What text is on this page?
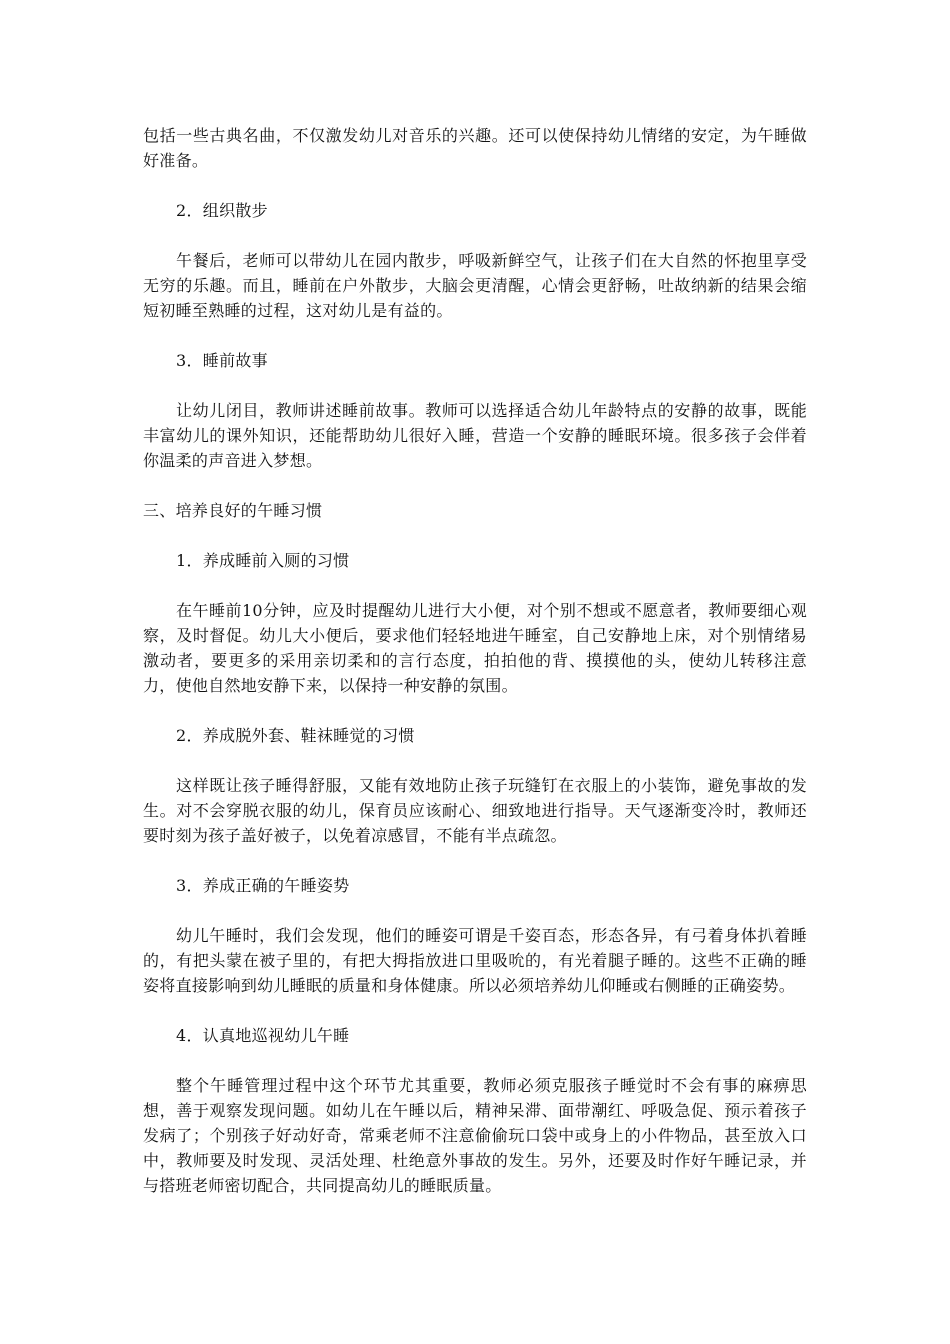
包括一些古典名曲，不仅激发幼儿对音乐的兴趣。还可以使保持幼儿情绪的安定，为午睡做好准备。

2．组织散步

午餐后，老师可以带幼儿在园内散步，呼吸新鲜空气，让孩子们在大自然的怀抱里享受无穷的乐趣。而且，睡前在户外散步，大脑会更清醒，心情会更舒畅，吐故纳新的结果会缩短初睡至熟睡的过程，这对幼儿是有益的。

3．睡前故事

让幼儿闭目，教师讲述睡前故事。教师可以选择适合幼儿年龄特点的安静的故事，既能丰富幼儿的课外知识，还能帮助幼儿很好入睡，营造一个安静的睡眠环境。很多孩子会伴着你温柔的声音进入梦想。

三、培养良好的午睡习惯

1．养成睡前入厕的习惯

在午睡前10分钟，应及时提醒幼儿进行大小便，对个别不想或不愿意者，教师要细心观察，及时督促。幼儿大小便后，要求他们轻轻地进午睡室，自己安静地上床，对个别情绪易激动者，要更多的采用亲切柔和的言行态度，拍拍他的背、摸摸他的头，使幼儿转移注意力，使他自然地安静下来，以保持一种安静的氛围。

2．养成脱外套、鞋袜睡觉的习惯

这样既让孩子睡得舒服，又能有效地防止孩子玩缝钉在衣服上的小装饰，避免事故的发生。对不会穿脱衣服的幼儿，保育员应该耐心、细致地进行指导。天气逐渐变冷时，教师还要时刻为孩子盖好被子，以免着凉感冒，不能有半点疏忽。

3．养成正确的午睡姿势

幼儿午睡时，我们会发现，他们的睡姿可谓是千姿百态，形态各异，有弓着身体扒着睡的，有把头蒙在被子里的，有把大拇指放进口里吸吮的，有光着腿子睡的。这些不正确的睡姿将直接影响到幼儿睡眠的质量和身体健康。所以必须培养幼儿仰睡或右侧睡的正确姿势。

4．认真地巡视幼儿午睡

整个午睡管理过程中这个环节尤其重要，教师必须克服孩子睡觉时不会有事的麻痹思想，善于观察发现问题。如幼儿在午睡以后，精神呆滞、面带潮红、呼吸急促、预示着孩子发病了；个别孩子好动好奇，常乘老师不注意偷偷玩口袋中或身上的小件物品，甚至放入口中，教师要及时发现、灵活处理、杜绝意外事故的发生。另外，还要及时作好午睡记录，并与搭班老师密切配合，共同提高幼儿的睡眠质量。
